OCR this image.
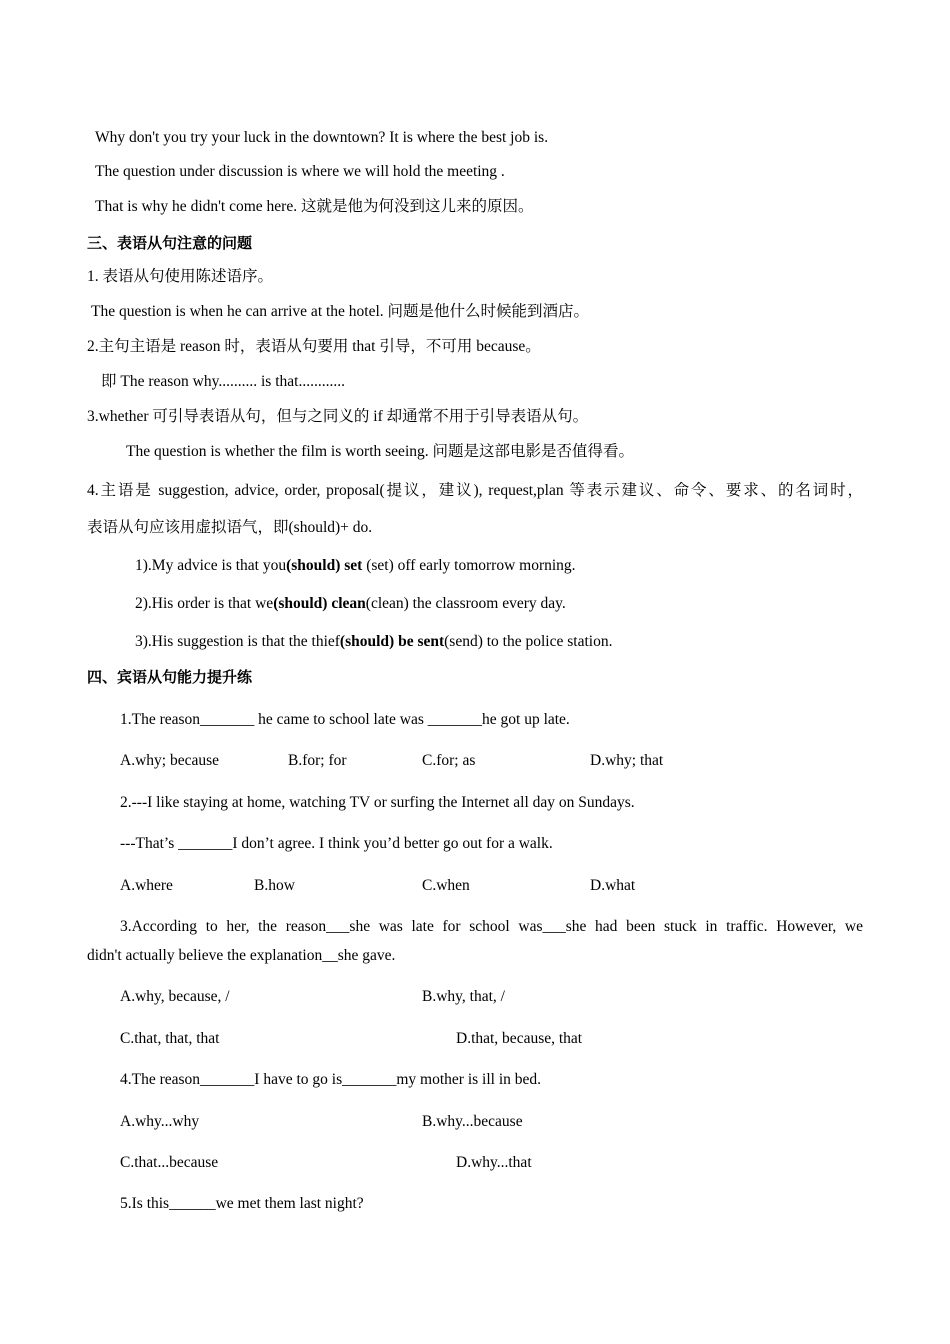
Why don't you try your luck in the downtown? It is where the best job is.
The question under discussion is where we will hold the meeting .
That is why he didn't come here. 这就是他为何没到这儿来的原因。
三、表语从句注意的问题
1. 表语从句使用陈述语序。
The question is when he can arrive at the hotel. 问题是他什么时候能到酒店。
2.主句主语是 reason 时，表语从句要用 that 引导，不可用 because。
即 The reason why.......... is that............
3.whether 可引导表语从句，但与之同义的 if 却通常不用于引导表语从句。
The question is whether the film is worth seeing. 问题是这部电影是否值得看。
4.主语是 suggestion, advice, order, proposal(提议，建议), request,plan 等表示建议、命令、要求、的名词时，
表语从句应该用虚拟语气，即(should)+ do.
1).My advice is that you(should) set (set) off early tomorrow morning.
2).His order is that we(should) clean(clean) the classroom every day.
3).His suggestion is that the thief(should) be sent(send) to the police station.
四、宾语从句能力提升练
1.The reason_______ he came to school late was _______he got up late.
A.why; because	B.for; for	C.for; as	D.why; that
2.---I like staying at home, watching TV or surfing the Internet all day on Sundays.
---That’s _______I don’t agree. I think you’d better go out for a walk.
A.where	B.how	C.when	D.what
3.According to her, the reason___she was late for school was___she had been stuck in traffic. However, we
didn't actually believe the explanation__she gave.
A.why, because, /	B.why, that, /
C.that, that, that	D.that, because, that
4.The reason_______I have to go is_______my mother is ill in bed.
A.why...why	B.why...because
C.that...because	D.why...that
5.Is this______we met them last night?
